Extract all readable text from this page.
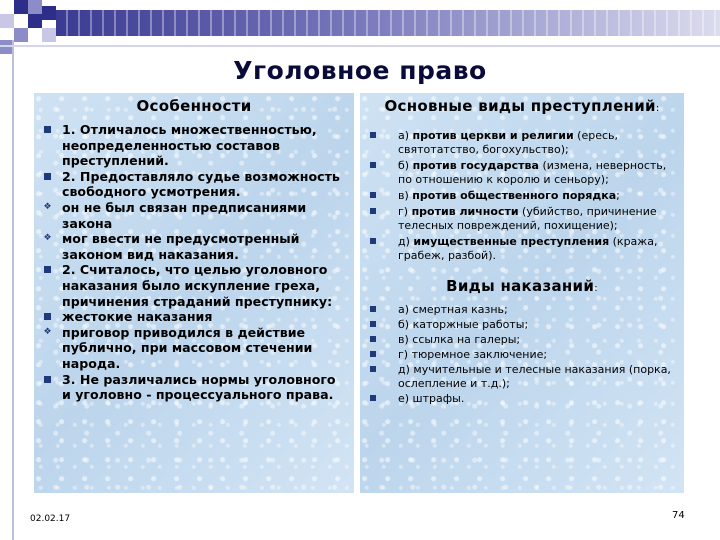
Уголовное право
Особенности
1. Отличалось множественностью, неопределенностью составов преступлений.
2. Предоставляло судье возможность свободного усмотрения.
❖ он не был связан предписаниями закона
❖ мог ввести не предусмотренный законом вид наказания.
2. Считалось, что целью уголовного наказания было искупление греха, причинения страданий преступнику:
жестокие наказания
❖ приговор приводился в действие публично, при массовом стечении народа.
3. Не различались нормы уголовного и уголовно - процессуального права.
Основные виды преступлений:
а) против церкви и религии (ересь, святотатство, богохульство);
б) против государства (измена, неверность, по отношению к королю и сеньору);
в) против общественного порядка;
г) против личности (убийство, причинение телесных повреждений, похищение);
д) имущественные преступления (кража, грабеж, разбой).
Виды наказаний:
а) смертная казнь;
б) каторжные работы;
в) ссылка на галеры;
г) тюремное заключение;
д) мучительные и телесные наказания (порка, ослепление и т.д.);
е) штрафы.
02.02.17	74
